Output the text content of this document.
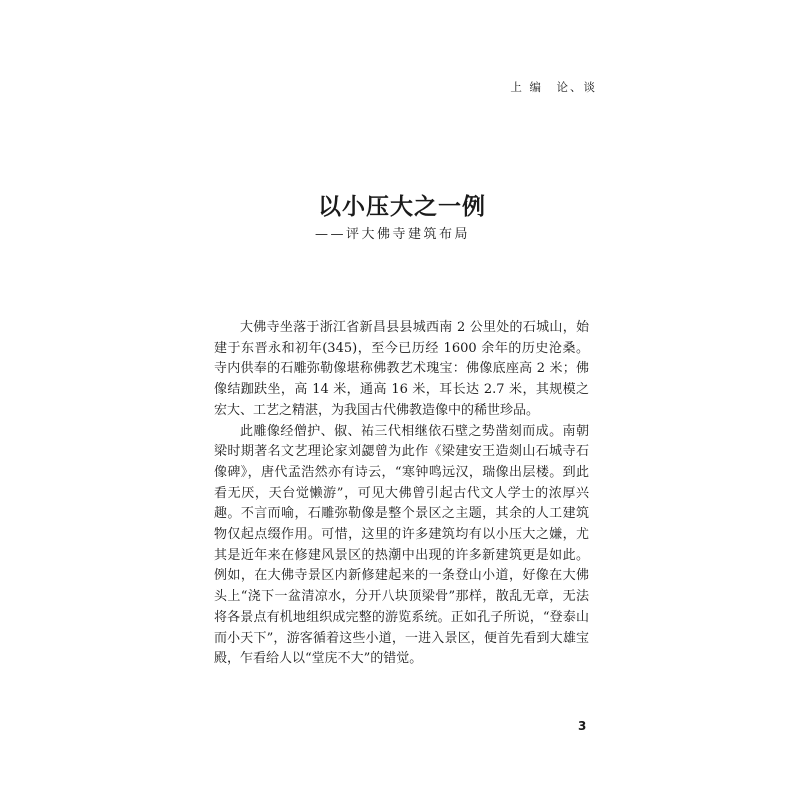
上 编　论、谈
以小压大之一例
——评大佛寺建筑布局

大佛寺坐落于浙江省新昌县县城西南 2 公里处的石城山，始建于东晋永和初年(345)，至今已历经 1600 余年的历史沧桑。寺内供奉的石雕弥勒像堪称佛教艺术瑰宝：佛像底座高 2 米；佛像结跏趺坐，高 14 米，通高 16 米，耳长达 2.7 米，其规模之宏大、工艺之精湛，为我国古代佛教造像中的稀世珍品。

此雕像经僧护、俶、祐三代相继依石壁之势凿刻而成。南朝梁时期著名文艺理论家刘勰曾为此作《梁建安王造剡山石城寺石像碑》，唐代孟浩然亦有诗云，“寒钟鸣远汉，瑞像出层楼。到此看无厌，天台觉懒游”，可见大佛曾引起古代文人学士的浓厚兴趣。不言而喻，石雕弥勒像是整个景区之主题，其余的人工建筑物仅起点缀作用。可惜，这里的许多建筑均有以小压大之嫌，尤其是近年来在修建风景区的热潮中出现的许多新建筑更是如此。例如，在大佛寺景区内新修建起来的一条登山小道，好像在大佛头上“浇下一盆清凉水，分开八块顶梁骨”那样，散乱无章，无法将各景点有机地组织成完整的游览系统。正如孔子所说，“登泰山而小天下”，游客循着这些小道，一进入景区，便首先看到大雄宝殿，乍看给人以“堂庑不大”的错觉。

3
